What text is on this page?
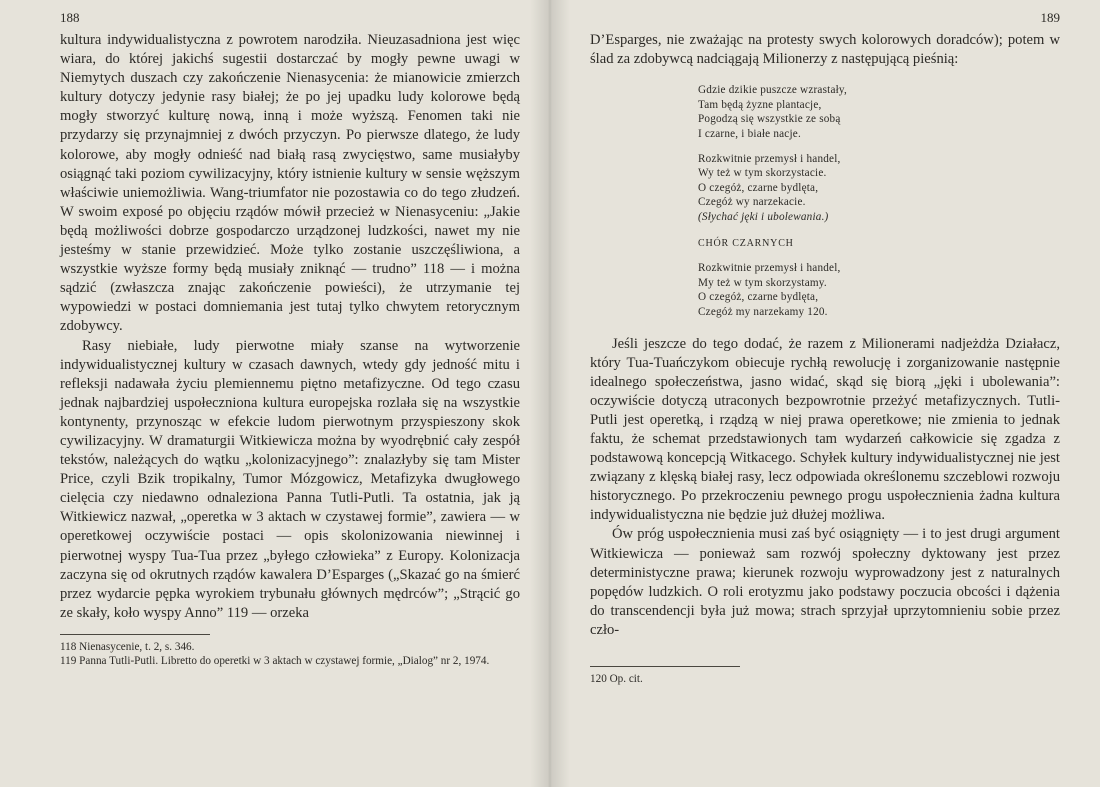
188

kultura indywidualistyczna z powrotem narodziła. Nieuzasadniona jest więc wiara, do której jakichś sugestii dostarczać by mogły pewne uwagi w Niemytych duszach czy zakończenie Nienasycenia: że mianowicie zmierzch kultury dotyczy jedynie rasy białej; że po jej upadku ludy kolorowe będą mogły stworzyć kulturę nową, inną i może wyższą. Fenomen taki nie przydarzy się przynajmniej z dwóch przyczyn. Po pierwsze dlatego, że ludy kolorowe, aby mogły odnieść nad białą rasą zwycięstwo, same musiałyby osiągnąć taki poziom cywilizacyjny, który istnienie kultury w sensie węższym właściwie uniemożliwia. Wang-triumfator nie pozostawia co do tego złudzeń. W swoim exposé po objęciu rządów mówił przecież w Nienasyceniu: „Jakie będą możliwości dobrze gospodarczo urządzonej ludzkości, nawet my nie jesteśmy w stanie przewidzieć. Może tylko zostanie uszczęśliwiona, a wszystkie wyższe formy będą musiały zniknąć — trudno” 118 — i można sądzić (zwłaszcza znając zakończenie powieści), że utrzymanie tej wypowiedzi w postaci domniemania jest tutaj tylko chwytem retorycznym zdobywcy.

Rasy niebiałe, ludy pierwotne miały szanse na wytworzenie indywidualistycznej kultury w czasach dawnych, wtedy gdy jedność mitu i refleksji nadawała życiu plemiennemu piętno metafizyczne. Od tego czasu jednak najbardziej uspołeczniona kultura europejska rozlała się na wszystkie kontynenty, przynosząc w efekcie ludom pierwotnym przyspieszony skok cywilizacyjny. W dramaturgii Witkiewicza można by wyodrębnić cały zespół tekstów, należących do wątku „kolonizacyjnego”: znalazłyby się tam Mister Price, czyli Bzik tropikalny, Tumor Mózgowicz, Metafizyka dwugłowego cielęcia czy niedawno odnaleziona Panna Tutli-Putli. Ta ostatnia, jak ją Witkiewicz nazwał, „operetka w 3 aktach w czystawej formie”, zawiera — w operetkowej oczywiście postaci — opis skolonizowania niewinnej i pierwotnej wyspy Tua-Tua przez „byłego człowieka” z Europy. Kolonizacja zaczyna się od okrutnych rządów kawalera D’Esparges („Skazać go na śmierć przez wydarcie pępka wyrokiem trybunału głównych mędrców”; „Strącić go ze skały, koło wyspy Anno” 119 — orzeka

118 Nienasycenie, t. 2, s. 346.
119 Panna Tutli-Putli. Libretto do operetki w 3 aktach w czystawej formie, „Dialog” nr 2, 1974.
189

D’Esparges, nie zważając na protesty swych kolorowych doradców); potem w ślad za zdobywcą nadciągają Milionerzy z następującą pieśnią:

Gdzie dzikie puszcze wzrastały,
Tam będą żyzne plantacje,
Pogodzą się wszystkie ze sobą
I czarne, i białe nacje.
Rozkwitnie przemysł i handel,
Wy też w tym skorzystacie.
O czegóż, czarne bydlęta,
Czegóż wy narzekacie.
(Słychać jęki i ubolewania.)
CHÓR CZARNYCH
Rozkwitnie przemysł i handel,
My też w tym skorzystamy.
O czegóż, czarne bydlęta,
Czegóż my narzekamy 120.

Jeśli jeszcze do tego dodać, że razem z Milionerami nadjeżdża Działacz, który Tua-Tuańczykom obiecuje rychłą rewolucję i zorganizowanie następnie idealnego społeczeństwa, jasno widać, skąd się biorą „jęki i ubolewania”: oczywiście dotyczą utraconych bezpowrotnie przeżyć metafizycznych. Tutli-Putli jest operetką, i rządzą w niej prawa operetkowe; nie zmienia to jednak faktu, że schemat przedstawionych tam wydarzeń całkowicie się zgadza z podstawową koncepcją Witkacego. Schyłek kultury indywidualistycznej nie jest związany z klęską białej rasy, lecz odpowiada określonemu szczeblowi rozwoju historycznego. Po przekroczeniu pewnego progu uspołecznienia żadna kultura indywidualistyczna nie będzie już dłużej możliwa.

Ów próg uspołecznienia musi zaś być osiągnięty — i to jest drugi argument Witkiewicza — ponieważ sam rozwój społeczny dyktowany jest przez deterministyczne prawa; kierunek rozwoju wyprowadzony jest z naturalnych popędów ludzkich. O roli erotyzmu jako podstawy poczucia obcości i dążenia do transcendencji była już mowa; strach sprzyjał uprzytomnieniu sobie przez czło-

120 Op. cit.
